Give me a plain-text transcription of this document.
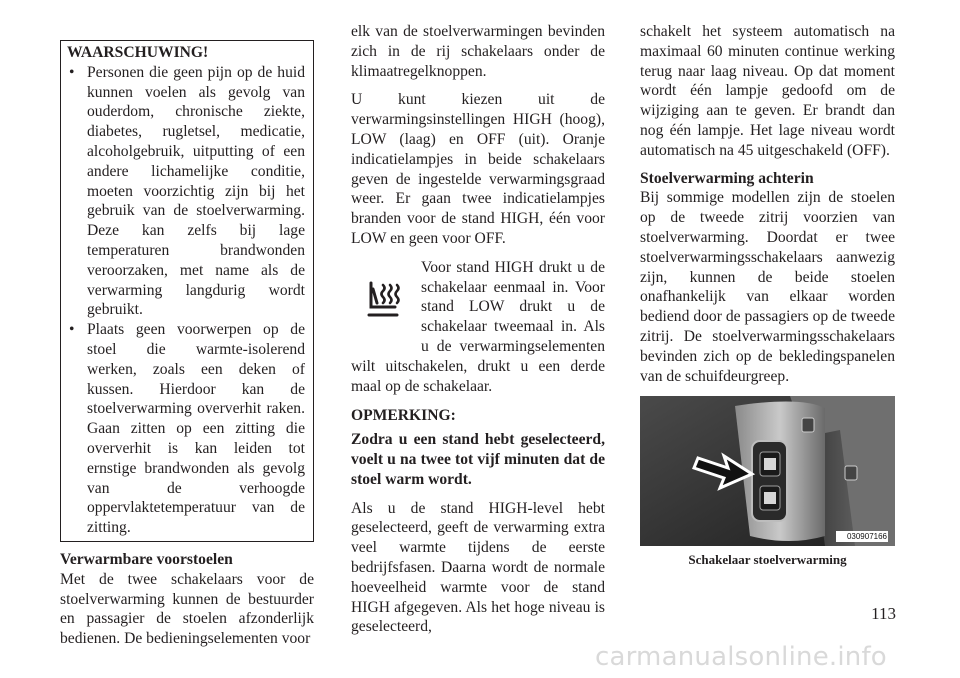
WAARSCHUWING!
• Personen die geen pijn op de huid kunnen voelen als gevolg van ouderdom, chronische ziekte, diabetes, rugletsel, medicatie, alcoholgebruik, uitputting of een andere lichamelijke conditie, moeten voorzichtig zijn bij het gebruik van de stoelverwarming. Deze kan zelfs bij lage temperaturen brandwonden veroorzaken, met name als de verwarming langdurig wordt gebruikt.
• Plaats geen voorwerpen op de stoel die warmte-isolerend werken, zoals een deken of kussen. Hierdoor kan de stoelverwarming oververhit raken. Gaan zitten op een zitting die oververhit is kan leiden tot ernstige brandwonden als gevolg van de verhoogde oppervlaktetemperatuur van de zitting.
Verwarmbare voorstoelen

Met de twee schakelaars voor de stoelverwarming kunnen de bestuurder en passagier de stoelen afzonderlijk bedienen. De bedieningselementen voor

elk van de stoelverwarmingen bevinden zich in de rij schakelaars onder de klimaatregelknoppen.

U kunt kiezen uit de verwarmingsinstellingen HIGH (hoog), LOW (laag) en OFF (uit). Oranje indicatielampjes in beide schakelaars geven de ingestelde verwarmingsgraad weer. Er gaan twee indicatielampjes branden voor de stand HIGH, één voor LOW en geen voor OFF.

Voor stand HIGH drukt u de schakelaar eenmaal in. Voor stand LOW drukt u de schakelaar tweemaal in. Als u de verwarmingselementen wilt uitschakelen, drukt u een derde maal op de schakelaar.

OPMERKING:
Zodra u een stand hebt geselecteerd, voelt u na twee tot vijf minuten dat de stoel warm wordt.

Als u de stand HIGH-level hebt geselecteerd, geeft de verwarming extra veel warmte tijdens de eerste bedrijfsfasen. Daarna wordt de normale hoeveelheid warmte voor de stand HIGH afgegeven. Als het hoge niveau is geselecteerd,

schakelt het systeem automatisch na maximaal 60 minuten continue werking terug naar laag niveau. Op dat moment wordt één lampje gedoofd om de wijziging aan te geven. Er brandt dan nog één lampje. Het lage niveau wordt automatisch na 45 uitgeschakeld (OFF).

Stoelverwarming achterin

Bij sommige modellen zijn de stoelen op de tweede zitrij voorzien van stoelverwarming. Doordat er twee stoelverwarmingsschakelaars aanwezig zijn, kunnen de beide stoelen onafhankelijk van elkaar worden bediend door de passagiers op de tweede zitrij. De stoelverwarmingsschakelaars bevinden zich op de bekledingspanelen van de schuifdeurgreep.

030907166
Schakelaar stoelverwarming
113
carmanualsonline.info
